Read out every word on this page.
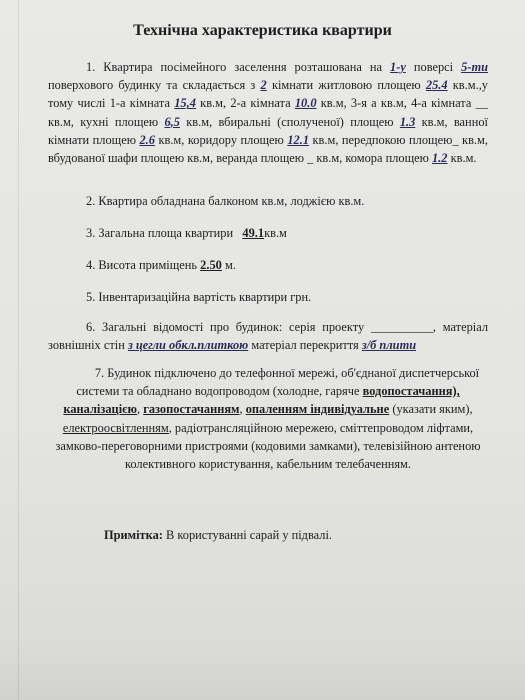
Технічна характеристика квартири
1. Квартира посімейного заселення розташована на 1-у поверсі 5-ти поверхового будинку та складається з 2 кімнати житловою площею 25.4 кв.м.,у тому числі 1-а кімната 15,4 кв.м, 2-а кімната 10.0 кв.м, 3-я а кв.м, 4-а кімната __ кв.м, кухні площею 6,5 кв.м, вбиральні (сполученої) площею 1.3 кв.м, ванної кімнати площею 2.6 кв.м, коридору площею 12.1 кв.м, передпокою площею_ кв.м, вбудованої шафи площею кв.м, веранда площею _ кв.м, комора площею 1.2 кв.м.
2. Квартира обладнана балконом кв.м, лоджією кв.м.
3. Загальна площа квартири 49.1кв.м
4. Висота приміщень 2.50 м.
5. Інвентаризаційна вартість квартири грн.
6. Загальні відомості про будинок: серія проекту __________, матеріал зовнішніх стін з цегли обкл.плиткою матеріал перекриття з/б плити
7. Будинок підключено до телефонної мережі, об'єднаної диспетчерської системи та обладнано водопроводом (холодне, гаряче водопостачання), каналізацією, газопостачанням, опаленням індивідуальне (указати яким), електроосвітленням, радіотрансляційною мережею, сміттепроводом ліфтами, замково-переговорними пристроями (кодовими замками), телевізійною антеною колективного користування, кабельним телебаченням.
Примітка: В користуванні сарай у підвалі.
